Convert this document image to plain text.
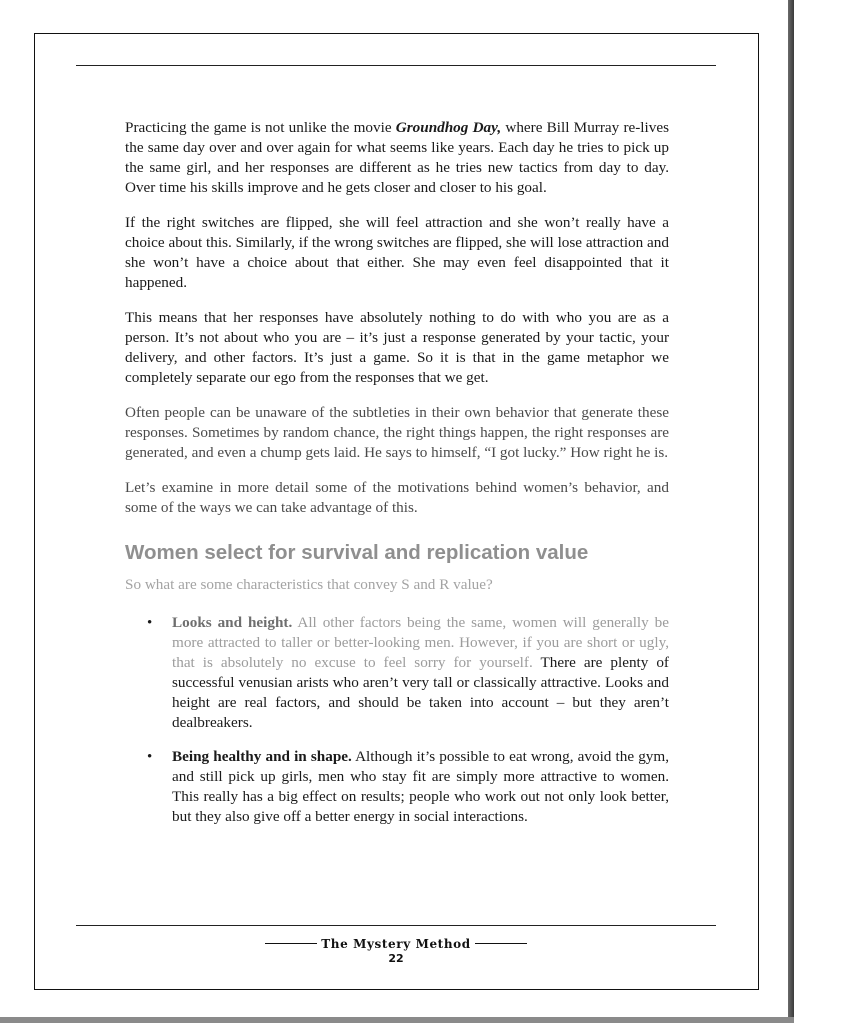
Practicing the game is not unlike the movie Groundhog Day, where Bill Murray re-lives the same day over and over again for what seems like years. Each day he tries to pick up the same girl, and her responses are different as he tries new tactics from day to day. Over time his skills improve and he gets closer and closer to his goal.

If the right switches are flipped, she will feel attraction and she won’t really have a choice about this. Similarly, if the wrong switches are flipped, she will lose attraction and she won’t have a choice about that either. She may even feel disappointed that it happened.

This means that her responses have absolutely nothing to do with who you are as a person. It’s not about who you are – it’s just a response generated by your tactic, your delivery, and other factors. It’s just a game. So it is that in the game metaphor we completely separate our ego from the responses that we get.

Often people can be unaware of the subtleties in their own behavior that generate these responses. Sometimes by random chance, the right things happen, the right responses are generated, and even a chump gets laid. He says to himself, “I got lucky.” How right he is.

Let’s examine in more detail some of the motivations behind women’s behavior, and some of the ways we can take advantage of this.

Women select for survival and replication value

So what are some characteristics that convey S and R value?

• Looks and height. All other factors being the same, women will generally be more attracted to taller or better-looking men. However, if you are short or ugly, that is absolutely no excuse to feel sorry for yourself. There are plenty of successful venusian arists who aren’t very tall or classically attractive. Looks and height are real factors, and should be taken into account – but they aren’t dealbreakers.
• Being healthy and in shape. Although it’s possible to eat wrong, avoid the gym, and still pick up girls, men who stay fit are simply more attractive to women. This really has a big effect on results; people who work out not only look better, but they also give off a better energy in social interactions.
The Mystery Method
22
